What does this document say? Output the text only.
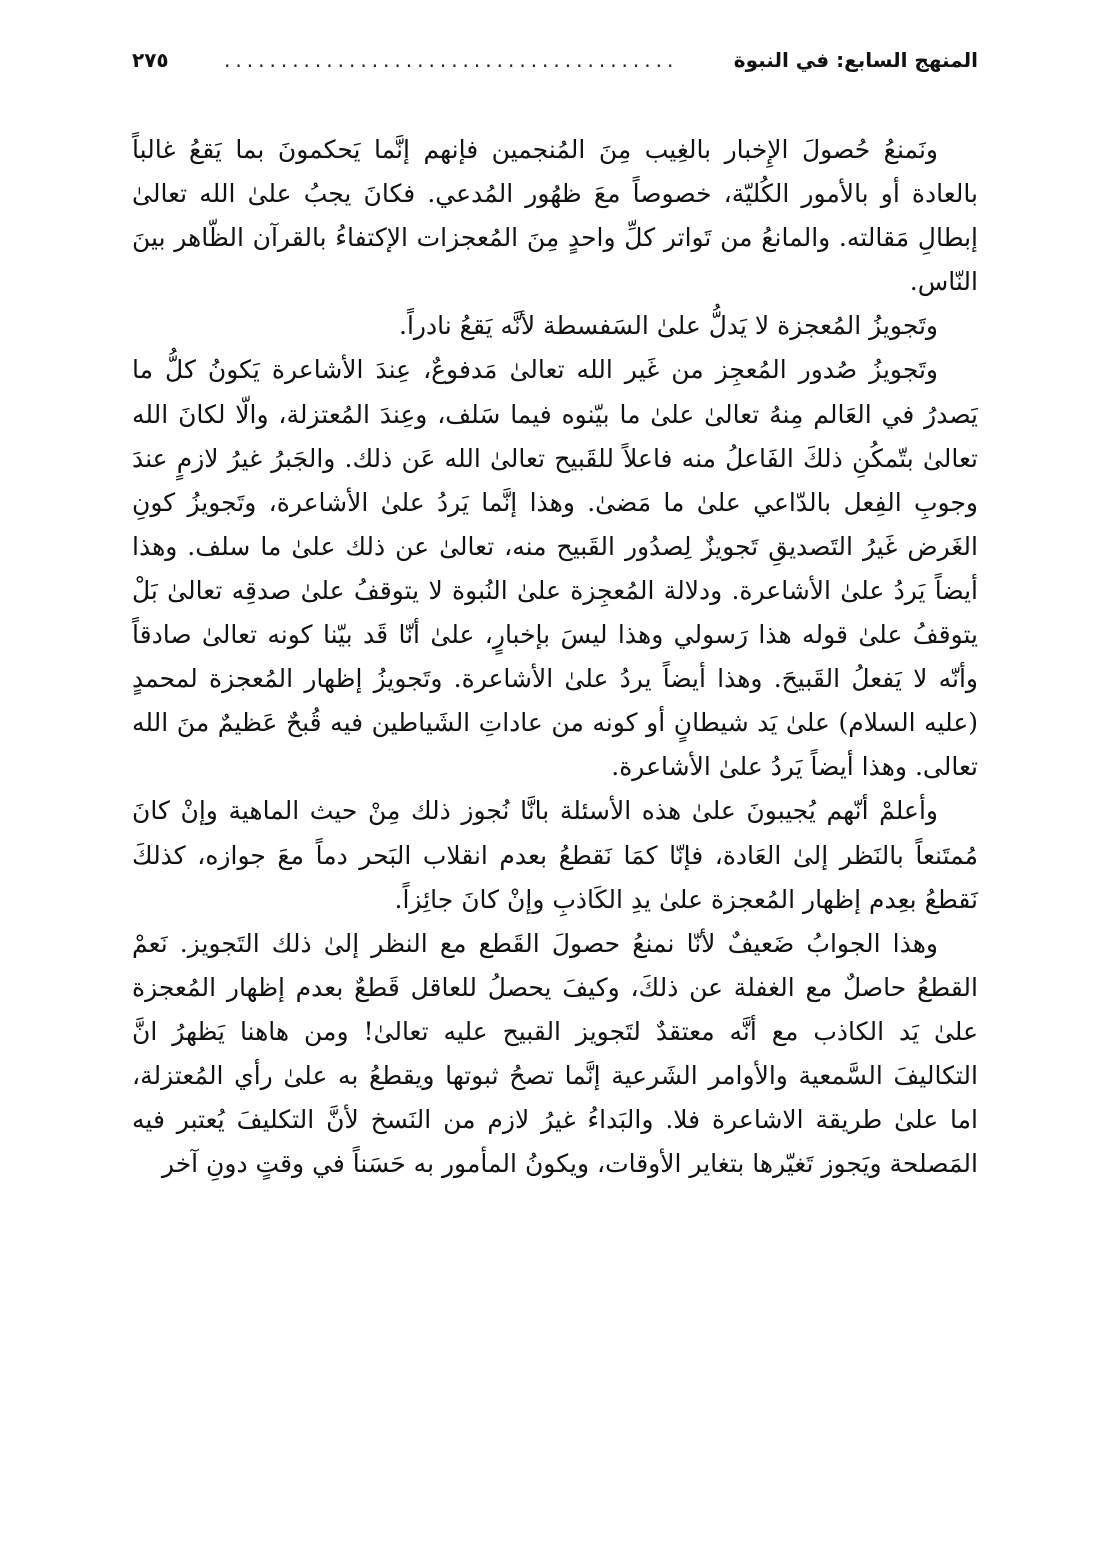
المنهج السابع: في النبوة
........................................
٢٧٥

ونَمنعُ حُصولَ الإِخبار بالغِيب مِنَ المُنجمين فإنهم إنَّما يَحكمونَ بما يَقعُ غالباً بالعادة أو بالأمور الكُليّة، خصوصاً معَ ظهُور المُدعي. فكانَ يجبُ علىٰ الله تعالىٰ إبطالِ مَقالته. والمانعُ من تَواتر كلِّ واحدٍ مِنَ المُعجزات الإكتفاءُ بالقرآن الظّاهر بينَ النّاس.

وتَجويزُ المُعجزة لا يَدلُّ علىٰ السَفسطة لأنَّه يَقعُ نادراً.

وتَجويزُ صُدور المُعجِز من غَير الله تعالىٰ مَدفوعٌ، عِندَ الأشاعرة يَكونُ كلُّ ما يَصدرُ في العَالم مِنهُ تعالىٰ علىٰ ما بيّنوه فيما سَلف، وعِندَ المُعتزلة، والّا لكانَ الله تعالىٰ بتّمكُنِ ذلكَ الفَاعلُ منه فاعلاً للقَبيح تعالىٰ الله عَن ذلك. والجَبرُ غيرُ لازمٍ عندَ وجوبِ الفِعل بالدّاعي علىٰ ما مَضىٰ. وهذا إنَّما يَردُ علىٰ الأشاعرة، وتَجويزُ كونِ الغَرض غَيرُ التَصديقِ تَجويزٌ لِصدُور القَبيح منه، تعالىٰ عن ذلك علىٰ ما سلف. وهذا أيضاً يَردُ علىٰ الأشاعرة. ودلالة المُعجِزة علىٰ النُبوة لا يتوقفُ علىٰ صدقِه تعالىٰ بَلْ يتوقفُ علىٰ قوله هذا رَسولي وهذا ليسَ بإخبارٍ، علىٰ أنّا قَد بيّنا كونه تعالىٰ صادقاً وأنّه لا يَفعلُ القَبيحَ. وهذا أيضاً يردُ علىٰ الأشاعرة. وتَجويزُ إظهار المُعجزة لمحمدٍ (عليه السلام) علىٰ يَد شيطانٍ أو كونه من عاداتِ الشَياطين فيه قُبحٌ عَظيمٌ منَ الله تعالى. وهذا أيضاً يَردُ علىٰ الأشاعرة.

وأعلمْ أنّهم يُجيبونَ علىٰ هذه الأسئلة بانَّا نُجوز ذلك مِنْ حيث الماهية وإنْ كانَ مُمتَنعاً بالنَظر إلىٰ العَادة، فإنّا كمَا نَقطعُ بعدم انقلاب البَحر دماً معَ جوازه، كذلكَ نَقطعُ بعِدم إظهار المُعجزة علىٰ يدِ الكَاذبِ وإنْ كانَ جائِزاً.

وهذا الجوابُ ضَعيفٌ لأنّا نمنعُ حصولَ القَطع مع النظر إلىٰ ذلك التَجويز. نَعمْ القطعُ حاصلٌ مع الغفلة عن ذلكَ، وكيفَ يحصلُ للعاقل قَطعٌ بعدم إظهار المُعجزة علىٰ يَد الكاذب مع أنَّه معتقدٌ لتَجويز القبيح عليه تعالىٰ! ومن هاهنا يَظهرُ انَّ التكاليفَ السَّمعية والأوامر الشَرعية إنَّما تصحُ ثبوتها ويقطعُ به علىٰ رأي المُعتزلة، اما علىٰ طريقة الاشاعرة فلا. والبَداءُ غيرُ لازم من النَسخ لأنَّ التكليفَ يُعتبر فيه المَصلحة ويَجوز تَغيّرها بتغاير الأوقات، ويكونُ المأمور به حَسَناً في وقتٍ دونِ آخر
